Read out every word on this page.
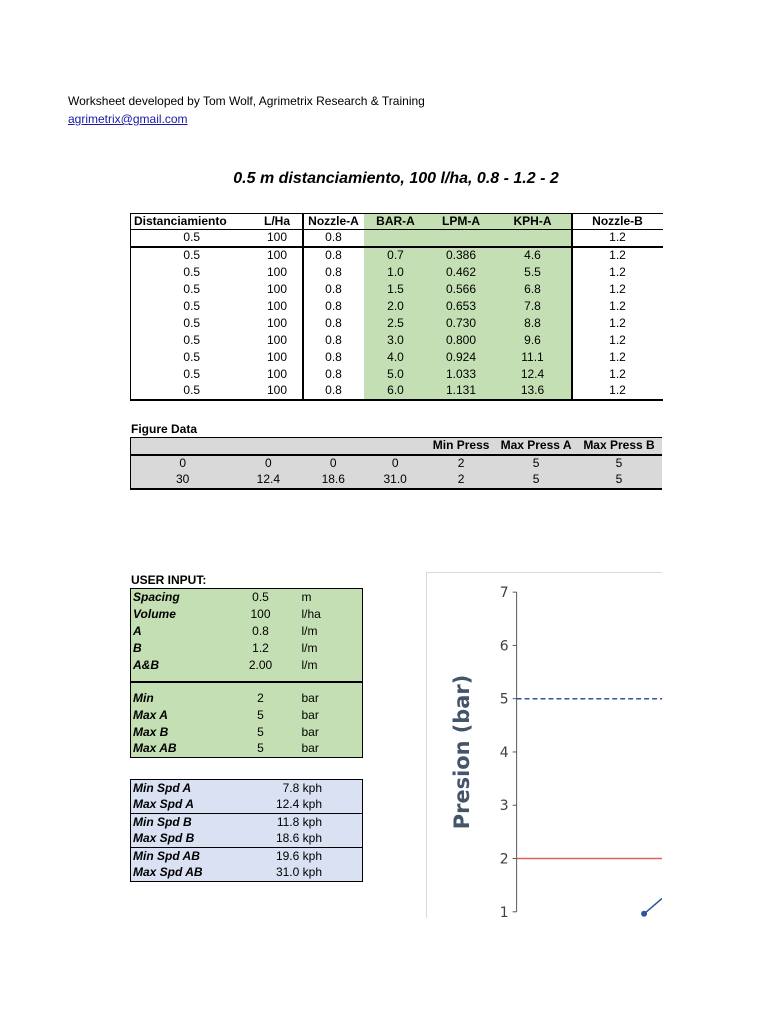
Worksheet developed by Tom Wolf, Agrimetrix Research & Training
agrimetrix@gmail.com
0.5 m distanciamiento, 100 l/ha, 0.8 - 1.2 - 2
Distanciamiento	L/Ha	Nozzle-A	BAR-A	LPM-A	KPH-A	Nozzle-B
0.5	100	0.8				1.2
0.5	100	0.8	0.7	0.386	4.6	1.2
0.5	100	0.8	1.0	0.462	5.5	1.2
0.5	100	0.8	1.5	0.566	6.8	1.2
0.5	100	0.8	2.0	0.653	7.8	1.2
0.5	100	0.8	2.5	0.730	8.8	1.2
0.5	100	0.8	3.0	0.800	9.6	1.2
0.5	100	0.8	4.0	0.924	11.1	1.2
0.5	100	0.8	5.0	1.033	12.4	1.2
0.5	100	0.8	6.0	1.131	13.6	1.2
Figure Data
				Min Press	Max Press A	Max Press B
0	0	0	0	2	5	5
30	12.4	18.6	31.0	2	5	5
USER INPUT:
Spacing	0.5	m
Volume	100	l/ha
A	0.8	l/m
B	1.2	l/m
A&B	2.00	l/m

Min	2	bar
Max A	5	bar
Max B	5	bar
Max AB	5	bar
Min Spd A	7.8 kph
Max Spd A	12.4 kph
Min Spd B	11.8 kph
Max Spd B	18.6 kph
Min Spd AB	19.6 kph
Max Spd AB	31.0 kph
1
2
3
4
5
6
7
Presion (bar)
